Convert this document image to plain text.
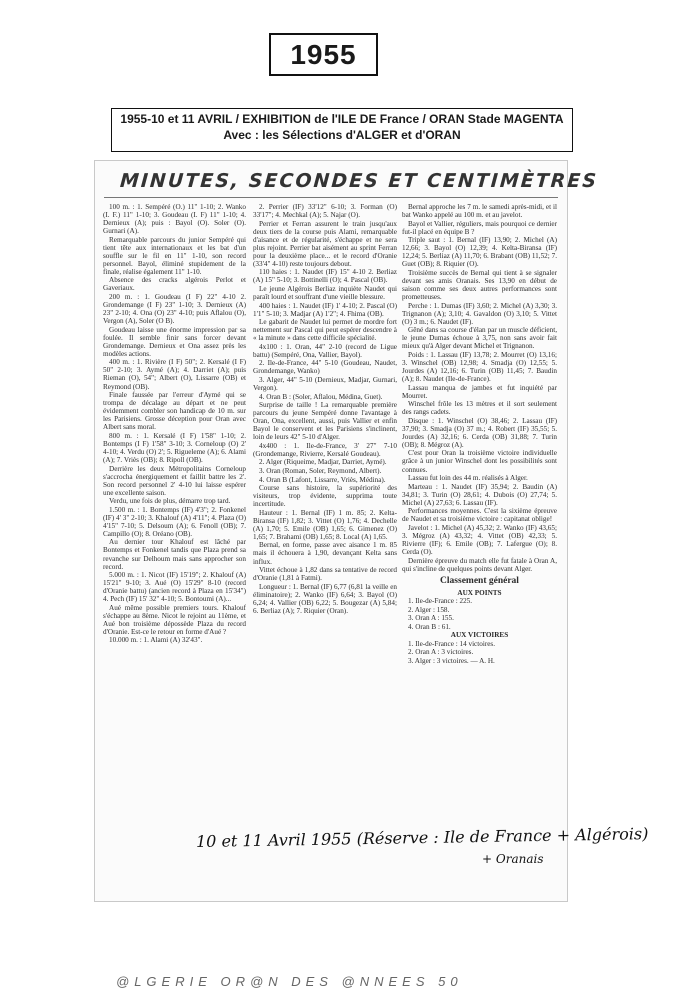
1955
1955-10 et 11 AVRIL / EXHIBITION de l'ILE DE France / ORAN Stade MAGENTA
Avec : les Sélections d'ALGER et d'ORAN
MINUTES, SECONDES ET CENTIMÈTRES

100 m. : 1. Sempéré (O.) 11" 1-10; 2. Wanko (I. F.) 11" 1-10; 3. Goudeau (I. F) 11" 1-10; 4. Dernieux (A); puis : Bayol (O). Soler (O). Gurnari (A).

Remarquable parcours du junior Sempéré qui tient tête aux internationaux et les bat d'un souffle sur le fil en 11" 1-10, son record personnel. Bayol, éliminé stupidement de la finale, réalise également 11" 1-10.

Absence des cracks algérois Perlot et Gaveriaux.

200 m. : 1. Goudeau (I F) 22" 4-10 2. Grondemange (I F) 23" 1-10; 3. Dernieux (A) 23" 2-10; 4. Ona (O) 23" 4-10; puis Aflalou (O), Vergon (A), Soler (O B).

Goudeau laisse une énorme impression par sa foulée. Il semble finir sans forcer devant Grondemange. Dernieux et Ona assez près les modèles actions.

400 m. : 1. Rivière (I F) 50"; 2. Kersalé (I F) 50" 2-10; 3. Aymé (A); 4. Darriet (A); puis Rieman (O), 54"; Albert (O), Lissarre (OB) et Reymond (OB).

Finale faussée par l'erreur d'Aymé qui se trompa de décalage au départ et ne peut évidemment combler son handicap de 10 m. sur les Parisiens. Grosse déception pour Oran avec Albert sans moral.

800 m. : 1. Kersalé (I F) 1'58" 1-10; 2. Bontemps (I F) 1'58" 3-10; 3. Corneloup (O) 2' 4-10; 4. Verdu (O) 2'; 5. Rigueleme (A); 6. Alami (A); 7. Vriès (OB); 8. Ripoll (OB).

Derrière les deux Métropolitains Corneloup s'accrocha énergiquement et faillit battre les 2'. Son record personnel 2' 4-10 lui laisse espérer une excellente saison.

Verdu, une fois de plus, démarre trop tard.

1.500 m. : 1. Bontemps (IF) 4'3"; 2. Fonkenel (IF) 4' 3" 2-10; 3. Khalouf (A) 4'11"; 4. Plaza (O) 4'15" 7-10; 5. Delsoum (A); 6. Fenoll (OB); 7. Campillo (O); 8. Oréano (OB).

Au dernier tour Khalouf est lâché par Bontemps et Fonkenel tandis que Plaza prend sa revanche sur Delhoum mais sans approcher son record.

5.000 m. : 1. Nicot (IF) 15'19"; 2. Khalouf (A) 15'21" 9-10; 3. Aué (O) 15'29" 8-10 (record d'Oranie battu) (ancien record à Plaza en 15'34") 4. Pech (IF) 15' 32" 4-10; 5. Bontoumi (A)...

Aué même possible premiers tours. Khalouf s'échappe au 8ème. Nicot le rejoint au 11ème, et Aué bon troisième dépossède Plaza du record d'Oranie. Est-ce le retour en forme d'Aué ?

10.000 m. : 1. Alami (A) 32'43".

2. Perrier (IF) 33'12" 6-10; 3. Forman (O) 33'17"; 4. Mechkal (A); 5. Najar (O).

Perrier et Ferran assurent le train jusqu'aux deux tiers de la course puis Alami, remarquable d'aisance et de régularité, s'échappe et ne sera plus rejoint. Perrier bat aisément au sprint Ferran pour la deuxième place... et le record d'Oranie (33'4" 4-10) reste toujours debout.

110 haies : 1. Naudet (IF) 15" 4-10 2. Berliaz (A) 15" 5-10; 3. Bottinelli (O); 4. Pascal (OB).

Le jeune Algérois Berliaz inquiète Naudet qui paraît lourd et souffrant d'une vieille blessure.

400 haies : 1. Naudet (IF) 1' 4-10; 2. Pascal (O) 1'1" 5-10; 3. Madjar (A) 1'2"; 4. Fhima (OB).

Le gabarit de Naudet lui permet de mordre fort nettement sur Pascal qui peut espérer descendre à « la minute » dans cette difficile spécialité.

4x100 : 1. Oran, 44" 2-10 (record de Ligue battu) (Sempéré, Ona, Vallier, Bayol).

2. Ile-de-France, 44" 5-10 (Goudeau, Naudet, Grondemange, Wanko)

3. Alger, 44" 5-10 (Dernieux, Madjar, Gurnari, Vergon).

4. Oran B : (Soler, Aflalou, Médina, Guet).

Surprise de taille ! La remarquable première parcours du jeune Sempéré donne l'avantage à Oran, Ona, excellent, aussi, puis Vallier et enfin Bayol le conservent et les Parisiens s'inclinent, loin de leurs 42" 5-10 d'Alger.

4x400 : 1. Ile-de-France, 3' 27" 7-10 (Grondemange, Rivierre, Kersalé Goudeau).

2. Alger (Riqueime, Madjar, Darriet, Aymé).

3. Oran (Roman, Soler, Reymond, Albert).

4. Oran B (Lafont, Lissarre, Vriès, Médina).

Course sans histoire, la supériorité des visiteurs, trop évidente, supprima toute incertitude.

Hauteur : 1. Bernal (IF) 1 m. 85; 2. Kelta-Biransa (IF) 1,82; 3. Vittet (O) 1,76; 4. Dechelle (A) 1,70; 5. Emile (OB) 1,65; 6. Gimenez (O) 1,65; 7. Brahami (OB) 1,65; 8. Local (A) 1,65.

Bernal, en forme, passe avec aisance 1 m. 85 mais il échouera à 1,90, devançant Kelta sans influx.

Vittet échoue à 1,82 dans sa tentative de record d'Oranie (1,81 à Fatmi).

Longueur : 1. Bernal (IF) 6,77 (6,81 la veille en éliminatoire); 2. Wanko (IF) 6,64; 3. Bayol (O) 6,24; 4. Vallier (OB) 6,22; 5. Bougezar (A) 5,84; 6. Berliaz (A); 7. Riquier (Oran).

Bernal approche les 7 m. le samedi après-midi, et il bat Wanko appelé au 100 m. et au javelot.

Bayol et Vallier, réguliers, mais pourquoi ce dernier fut-il placé en équipe B ?

Triple saut : 1. Bernal (IF) 13,90; 2. Michel (A) 12,66; 3. Bayol (O) 12,39; 4. Kelta-Biransa (IF) 12,24; 5. Berliaz (A) 11,70; 6. Brabant (OB) 11,52; 7. Guet (OB); 8. Riquier (O).

Troisième succès de Bernal qui tient à se signaler devant ses amis Oranais. Ses 13,90 en début de saison comme ses deux autres performances sont prometteuses.

Perche : 1. Dumas (IF) 3,60; 2. Michel (A) 3,30; 3. Trignanon (A); 3,10; 4. Gavaldon (O) 3,10; 5. Vittet (O) 3 m.; 6. Naudet (IF).

Gêné dans sa course d'élan par un muscle déficient, le jeune Dumas échoue à 3,75, non sans avoir fait mieux qu'à Alger devant Michel et Trignanon.

Poids : 1. Lassau (IF) 13,78; 2. Mourret (O) 13,16; 3. Winschel (OB) 12,98; 4. Smadja (O) 12,55; 5. Jourdes (A) 12,16; 6. Turin (OB) 11,45; 7. Baudin (A); 8. Naudet (Ile-de-France).

Lassau manqua de jambes et fut inquiété par Mourret.

Winschel frôle les 13 mètres et il sort seulement des rangs cadets.

Disque : 1. Winschel (O) 38,46; 2. Lassau (IF) 37,90; 3. Smadja (O) 37 m.; 4. Robert (IF) 35,55; 5. Jourdes (A) 32,16; 6. Cerda (OB) 31,88; 7. Turin (OB); 8. Mégroz (A).

C'est pour Oran la troisième victoire individuelle grâce à un junior Winschel dont les possibilités sont connues.

Lassau fut loin des 44 m. réalisés à Alger.

Marteau : 1. Naudet (IF) 35,94; 2. Baudin (A) 34,81; 3. Turin (O) 28,61; 4. Dubois (O) 27,74; 5. Michel (A) 27,63; 6. Lassau (IF).

Performances moyennes. C'est la sixième épreuve de Naudet et sa troisième victoire : capitanat oblige!

Javelot : 1. Michel (A) 45,32; 2. Wanko (IF) 43,65; 3. Mégroz (A) 43,32; 4. Vittet (OB) 42,33; 5. Rivierre (IF); 6. Emile (OB); 7. Lafergue (O); 8. Cerda (O).

Dernière épreuve du match elle fut fatale à Oran A, qui s'incline de quelques points devant Alger.

Classement général

AUX POINTS

1. Ile-de-France : 225.

2. Alger : 158.

3. Oran A : 155.

4. Oran B : 61.

AUX VICTOIRES

1. Ile-de-France : 14 victoires.

2. Oran A : 3 victoires.

3. Alger : 3 victoires. — A. H.

10 et 11 Avril 1955 (Réserve : Ile de France + Algérois)
+ Oranais
@LGERIE OR@N DES @NNEES 50
